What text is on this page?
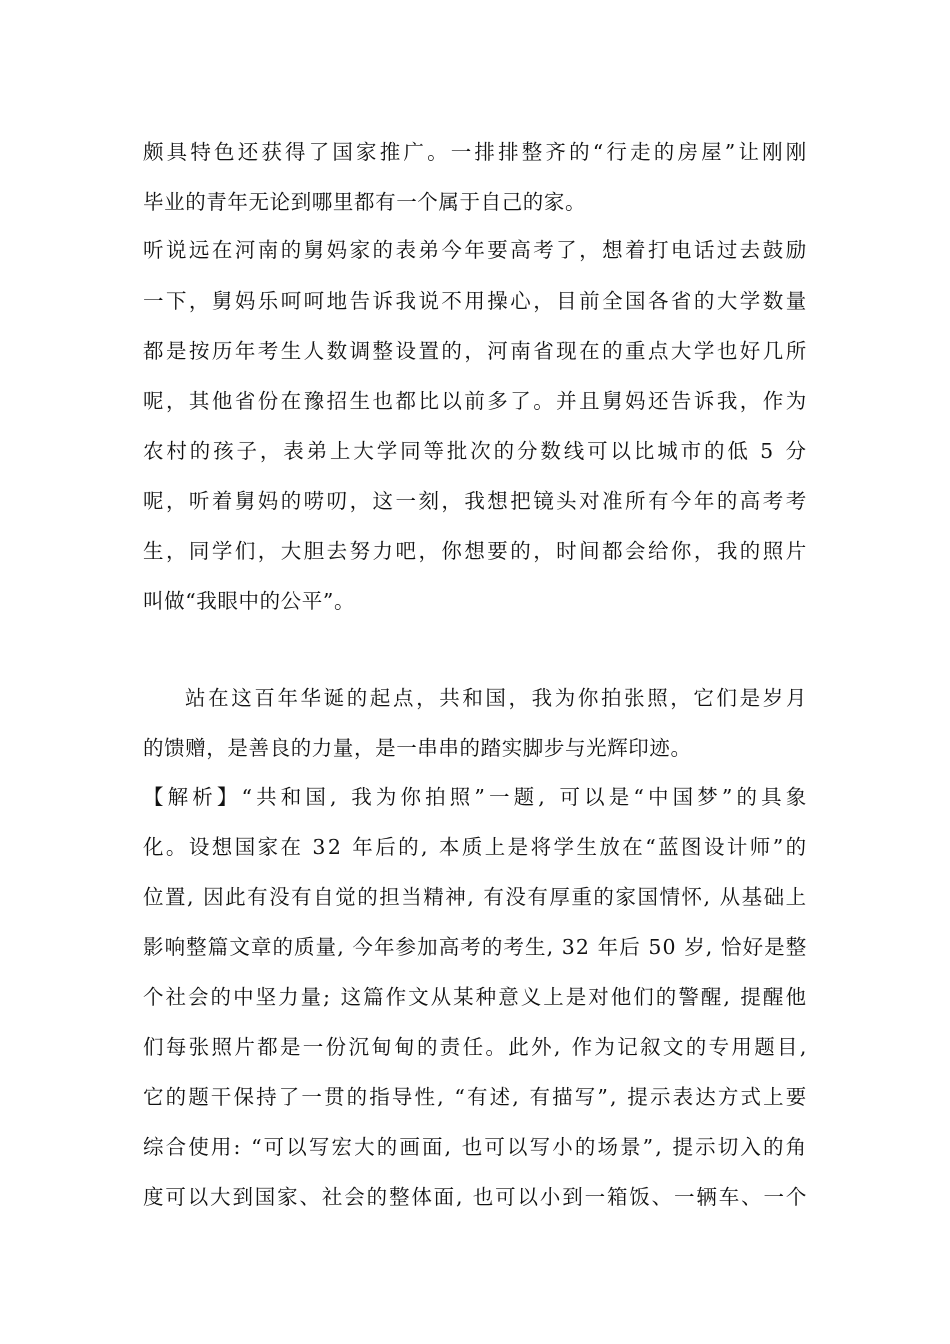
颇 具 特 色 还 获 得 了 国 家 推 广 。 一 排 排 整 齐 的 “ 行 走 的 房 屋 ” 让 刚 刚
毕业的青年无论到哪里都有一个属于自己的家。
听 说 远 在 河 南 的 舅 妈 家 的 表 弟 今 年 要 高 考 了 ， 想 着 打 电 话 过 去 鼓 励
一 下 ， 舅 妈 乐 呵 呵 地 告 诉 我 说 不 用 操 心 ， 目 前 全 国 各 省 的 大 学 数 量
都 是 按 历 年 考 生 人 数 调 整 设 置 的 ， 河 南 省 现 在 的 重 点 大 学 也 好 几 所
呢 ， 其 他 省 份 在 豫 招 生 也 都 比 以 前 多 了 。 并 且 舅 妈 还 告 诉 我 ， 作 为
农 村 的 孩 子 ， 表 弟 上 大 学 同 等 批 次 的 分 数 线 可 以 比 城 市 的 低
5
分
呢 ， 听 着 舅 妈 的 唠 叨 ， 这 一 刻 ， 我 想 把 镜 头 对 准 所 有 今 年 的 高 考 考
生 ， 同 学 们 ， 大 胆 去 努 力 吧 ， 你 想 要 的 ， 时 间 都 会 给 你 ， 我 的 照 片
叫做“我眼中的公平”。
站 在 这 百 年 华 诞 的 起 点 ， 共 和 国 ， 我 为 你 拍 张 照 ， 它 们 是 岁 月
的馈赠，是善良的力量，是一串串的踏实脚步与光辉印迹。
【 解 析 】 “ 共 和 国 ,
我 为 你 拍 照 ” 一 题 ,
可 以 是 “ 中 国 梦 ” 的 具 象
化 。 设 想 国 家 在
3 2
年 后 的 ,
本 质 上 是 将 学 生 放 在 “ 蓝 图 设 计 师 ” 的
位 置 ,
因 此 有 没 有 自 觉 的 担 当 精 神 ,
有 没 有 厚 重 的 家 国 情 怀 ,
从 基 础 上
影 响 整 篇 文 章 的 质 量 ,
今 年 参 加 高 考 的 考 生 ,
3 2
年 后
5 0
岁 ,
恰 好 是 整
个 社 会 的 中 坚 力 量 ;
这 篇 作 文 从 某 种 意 义 上 是 对 他 们 的 警 醒 ,
提 醒 他
们 每 张 照 片 都 是 一 份 沉 甸 甸 的 责 任 。 此 外 ,
作 为 记 叙 文 的 专 用 题 目 ,
它 的 题 干 保 持 了 一 贯 的 指 导 性 ,
“ 有 述 ,
有 描 写 ” ,
提 示 表 达 方 式 上 要
综 合 使 用 :
“ 可 以 写 宏 大 的 画 面 ,
也 可 以 写 小 的 场 景 ” ,
提 示 切 入 的 角
度 可 以 大 到 国 家 、 社 会 的 整 体 面 ,
也 可 以 小 到 一 箱 饭 、 一 辆 车 、 一 个
